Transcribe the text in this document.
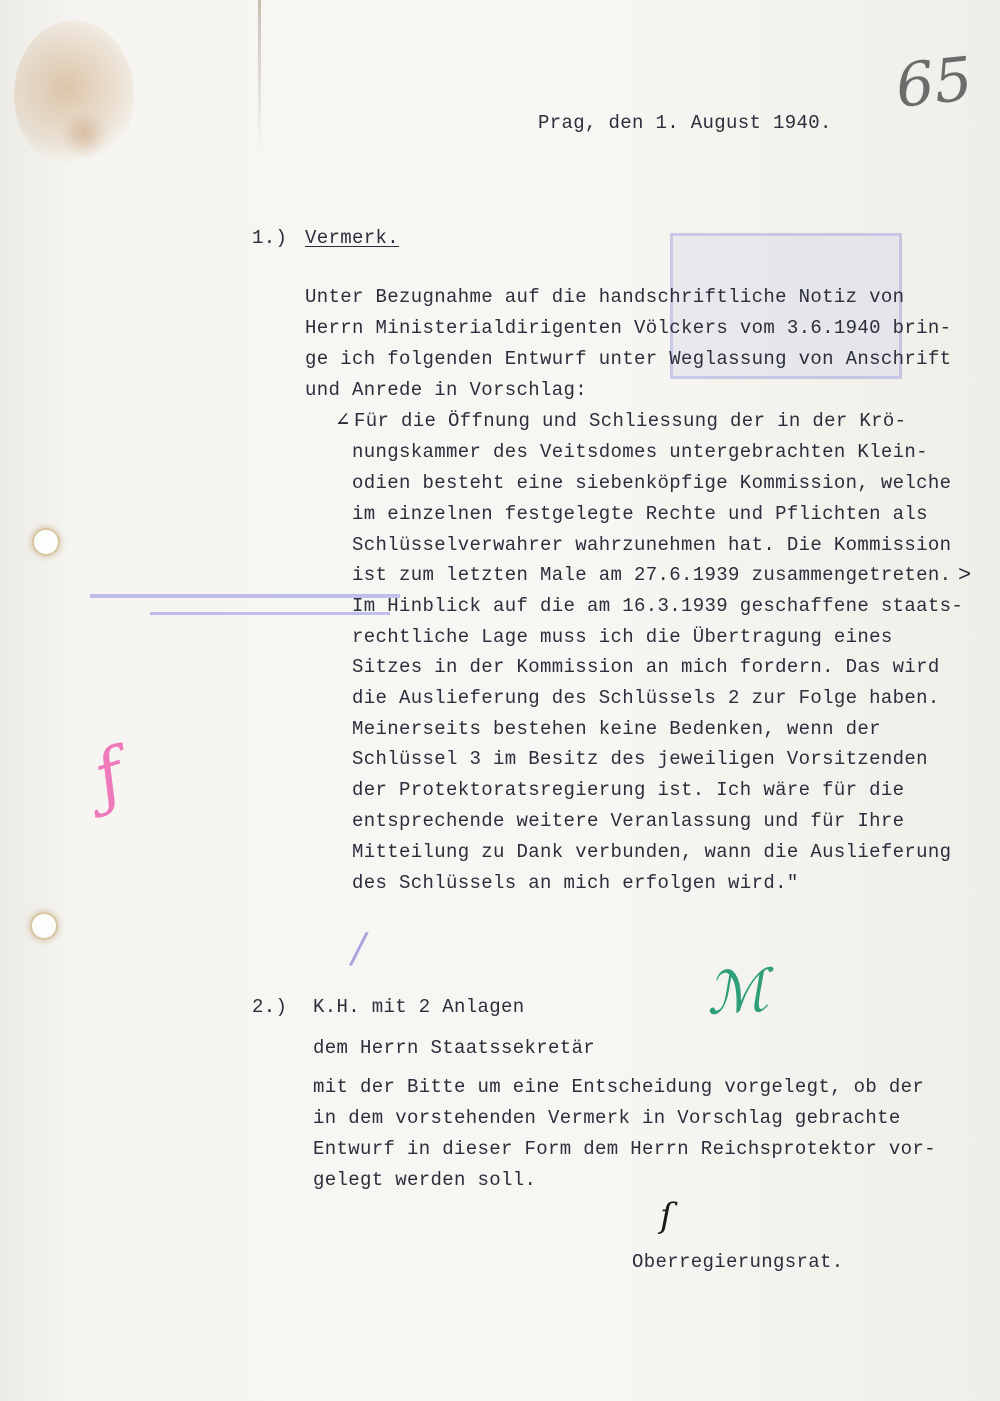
/
65
ƒ
ℳ
ſ
Prag, den 1. August 1940.
1.) Vermerk.
Unter Bezugnahme auf die handschriftliche Notiz von
Herrn Ministerialdirigenten Völckers vom 3.6.1940 brin-
ge ich folgenden Entwurf unter Weglassung von Anschrift
und Anrede in Vorschlag:
∠ Für die Öffnung und Schliessung der in der Krö-
nungskammer des Veitsdomes untergebrachten Klein-
odien besteht eine siebenköpfige Kommission, welche
im einzelnen festgelegte Rechte und Pflichten als
Schlüsselverwahrer wahrzunehmen hat. Die Kommission
ist zum letzten Male am 27.6.1939 zusammengetreten.
Im Hinblick auf die am 16.3.1939 geschaffene staats-
rechtliche Lage muss ich die Übertragung eines
Sitzes in der Kommission an mich fordern. Das wird
die Auslieferung des Schlüssels 2 zur Folge haben.
Meinerseits bestehen keine Bedenken, wenn der
Schlüssel 3 im Besitz des jeweiligen Vorsitzenden
der Protektoratsregierung ist. Ich wäre für die
entsprechende weitere Veranlassung und für Ihre
Mitteilung zu Dank verbunden, wann die Auslieferung
des Schlüssels an mich erfolgen wird."
>
2.) K.H. mit 2 Anlagen
dem Herrn Staatssekretär
mit der Bitte um eine Entscheidung vorgelegt, ob der
in dem vorstehenden Vermerk in Vorschlag gebrachte
Entwurf in dieser Form dem Herrn Reichsprotektor vor-
gelegt werden soll.
Oberregierungsrat.
